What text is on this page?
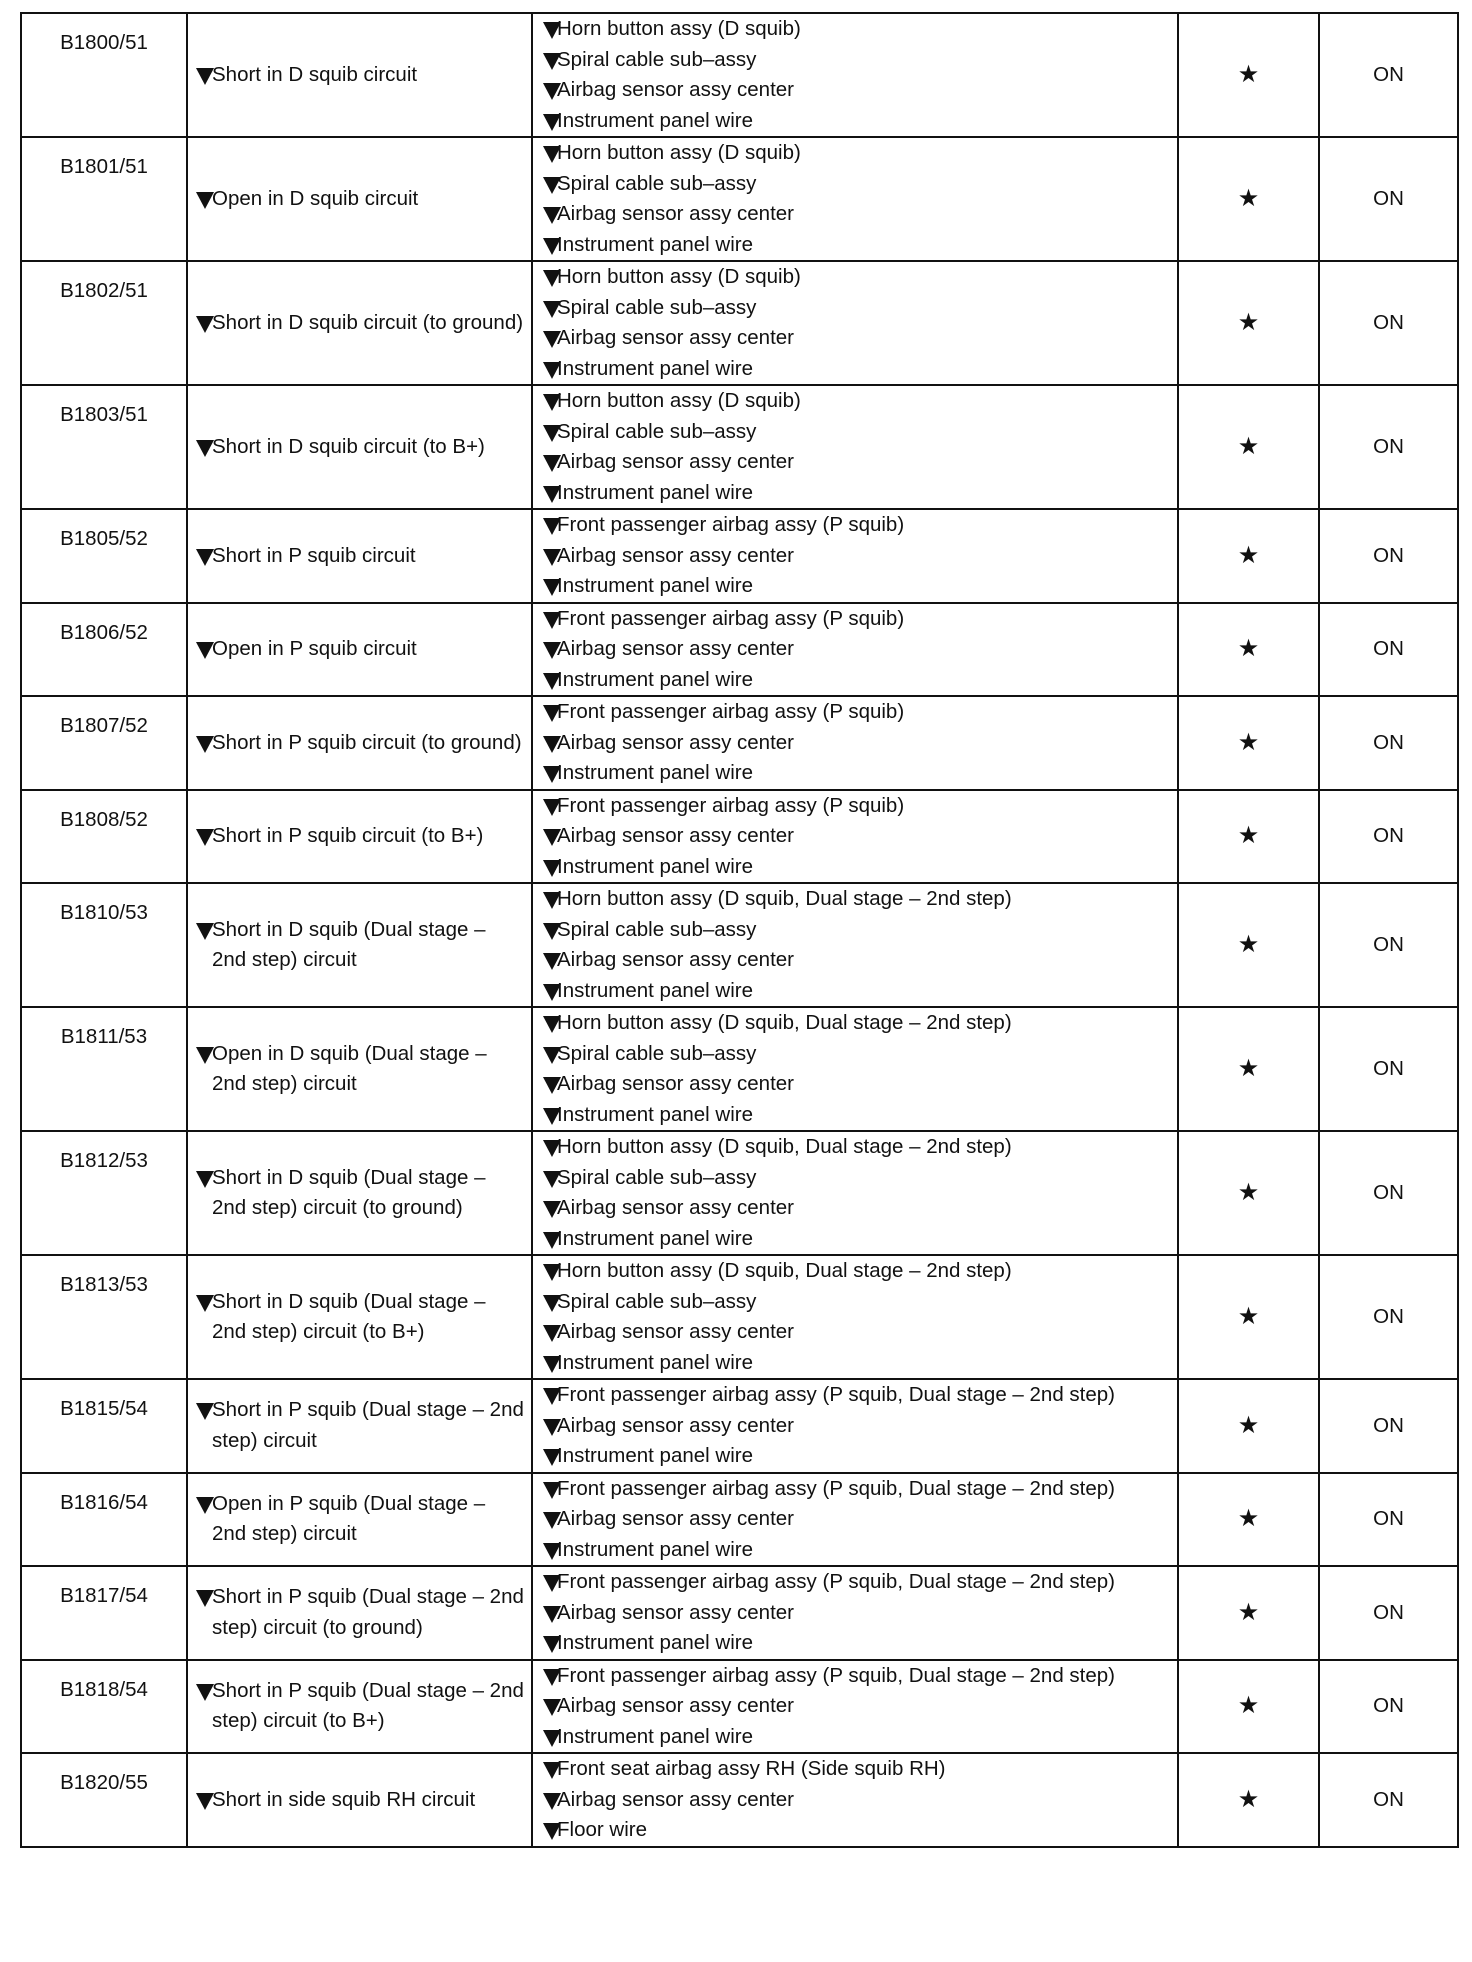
B1800/51	Short in D squib circuit	Horn button assy (D squib)
Spiral cable sub–assy
Airbag sensor assy center
Instrument panel wire	★	ON
B1801/51	Open in D squib circuit	Horn button assy (D squib)
Spiral cable sub–assy
Airbag sensor assy center
Instrument panel wire	★	ON
B1802/51	Short in D squib circuit (to ground)	Horn button assy (D squib)
Spiral cable sub–assy
Airbag sensor assy center
Instrument panel wire	★	ON
B1803/51	Short in D squib circuit (to B+)	Horn button assy (D squib)
Spiral cable sub–assy
Airbag sensor assy center
Instrument panel wire	★	ON
B1805/52	Short in P squib circuit	Front passenger airbag assy (P squib)
Airbag sensor assy center
Instrument panel wire	★	ON
B1806/52	Open in P squib circuit	Front passenger airbag assy (P squib)
Airbag sensor assy center
Instrument panel wire	★	ON
B1807/52	Short in P squib circuit (to ground)	Front passenger airbag assy (P squib)
Airbag sensor assy center
Instrument panel wire	★	ON
B1808/52	Short in P squib circuit (to B+)	Front passenger airbag assy (P squib)
Airbag sensor assy center
Instrument panel wire	★	ON
B1810/53	Short in D squib (Dual stage – 2nd step) circuit	Horn button assy (D squib, Dual stage – 2nd step)
Spiral cable sub–assy
Airbag sensor assy center
Instrument panel wire	★	ON
B1811/53	Open in D squib (Dual stage – 2nd step) circuit	Horn button assy (D squib, Dual stage – 2nd step)
Spiral cable sub–assy
Airbag sensor assy center
Instrument panel wire	★	ON
B1812/53	Short in D squib (Dual stage – 2nd step) circuit (to ground)	Horn button assy (D squib, Dual stage – 2nd step)
Spiral cable sub–assy
Airbag sensor assy center
Instrument panel wire	★	ON
B1813/53	Short in D squib (Dual stage – 2nd step) circuit (to B+)	Horn button assy (D squib, Dual stage – 2nd step)
Spiral cable sub–assy
Airbag sensor assy center
Instrument panel wire	★	ON
B1815/54	Short in P squib (Dual stage – 2nd step) circuit	Front passenger airbag assy (P squib, Dual stage – 2nd step)
Airbag sensor assy center
Instrument panel wire	★	ON
B1816/54	Open in P squib (Dual stage – 2nd step) circuit	Front passenger airbag assy (P squib, Dual stage – 2nd step)
Airbag sensor assy center
Instrument panel wire	★	ON
B1817/54	Short in P squib (Dual stage – 2nd step) circuit (to ground)	Front passenger airbag assy (P squib, Dual stage – 2nd step)
Airbag sensor assy center
Instrument panel wire	★	ON
B1818/54	Short in P squib (Dual stage – 2nd step) circuit (to B+)	Front passenger airbag assy (P squib, Dual stage – 2nd step)
Airbag sensor assy center
Instrument panel wire	★	ON
B1820/55	Short in side squib RH circuit	Front seat airbag assy RH (Side squib RH)
Airbag sensor assy center
Floor wire	★	ON
